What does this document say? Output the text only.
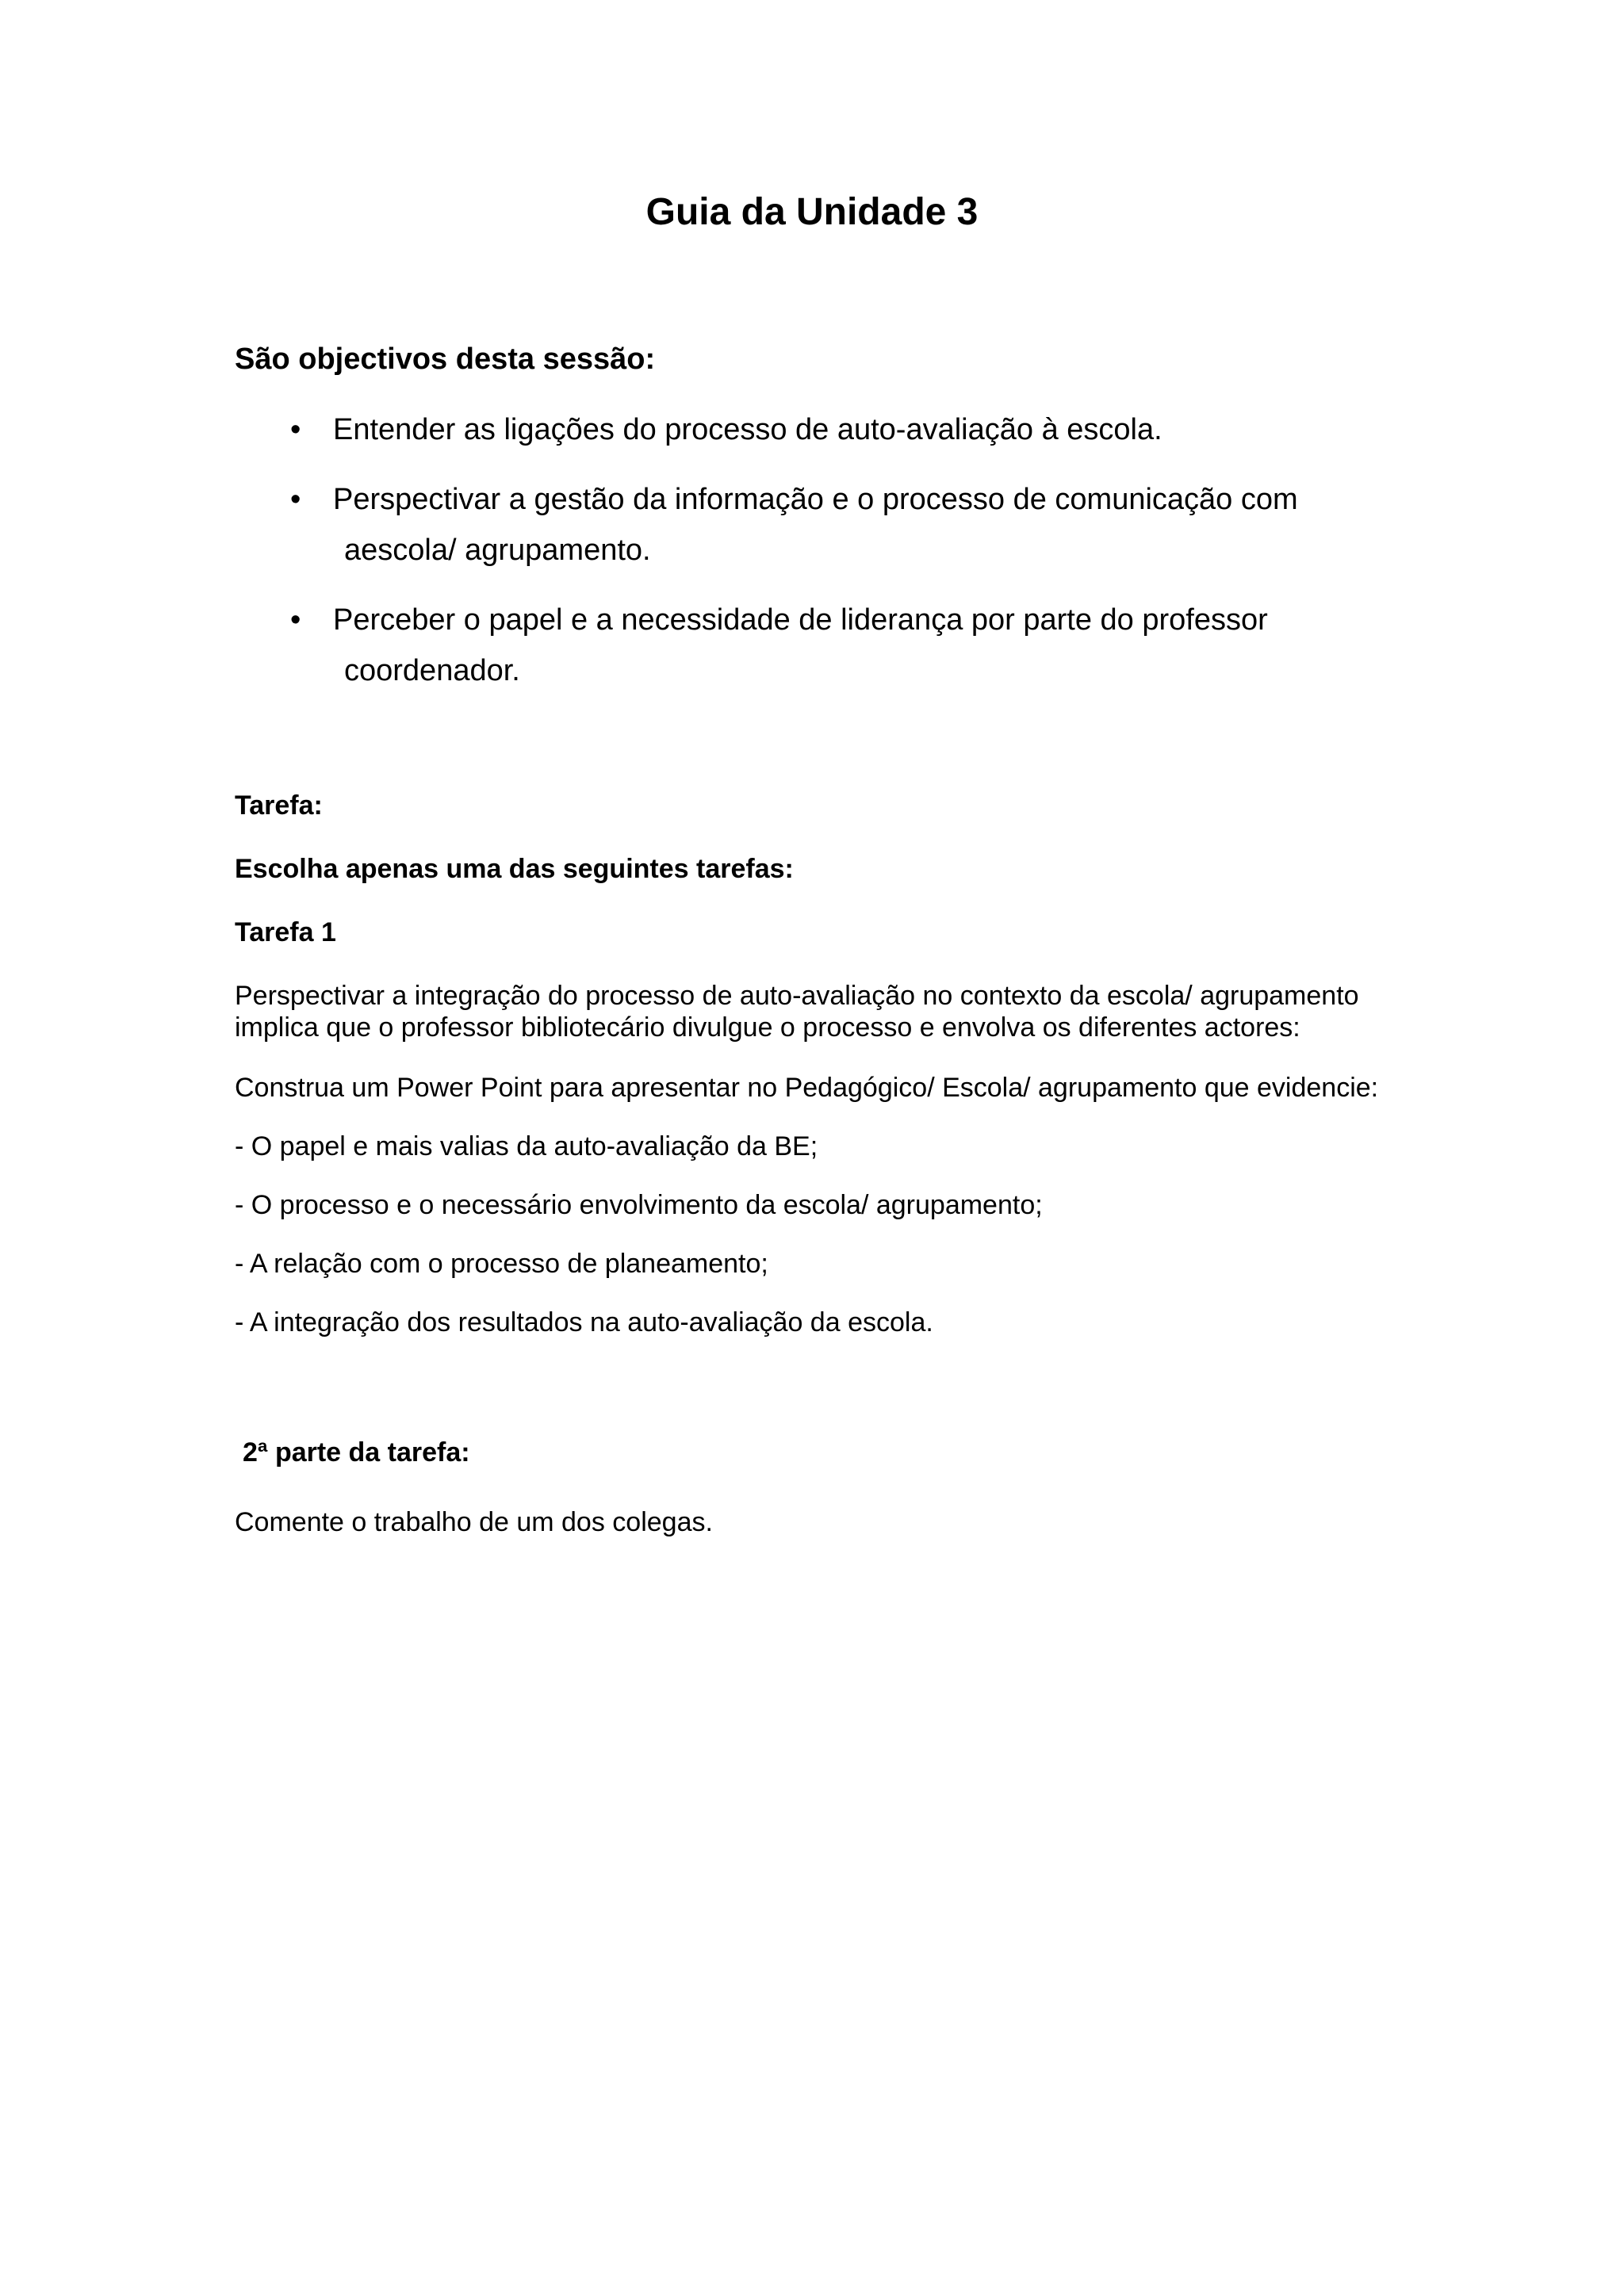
Guia da Unidade 3
São objectivos desta sessão:
• Entender as ligações do processo de auto-avaliação à escola.
• Perspectivar a gestão da informação e o processo de comunicação com
aescola/ agrupamento.
• Perceber o papel e a necessidade de liderança por parte do professor
coordenador.
Tarefa:
Escolha apenas uma das seguintes tarefas:
Tarefa 1
Perspectivar a integração do processo de auto-avaliação no contexto da escola/ agrupamento implica que o professor bibliotecário divulgue o processo e envolva os diferentes actores:
Construa um Power Point para apresentar no Pedagógico/ Escola/ agrupamento que evidencie:
- O papel e mais valias da auto-avaliação da BE;
- O processo e o necessário envolvimento da escola/ agrupamento;
- A relação com o processo de planeamento;
- A integração dos resultados na auto-avaliação da escola.
2ª parte da tarefa:
Comente o trabalho de um dos colegas.
